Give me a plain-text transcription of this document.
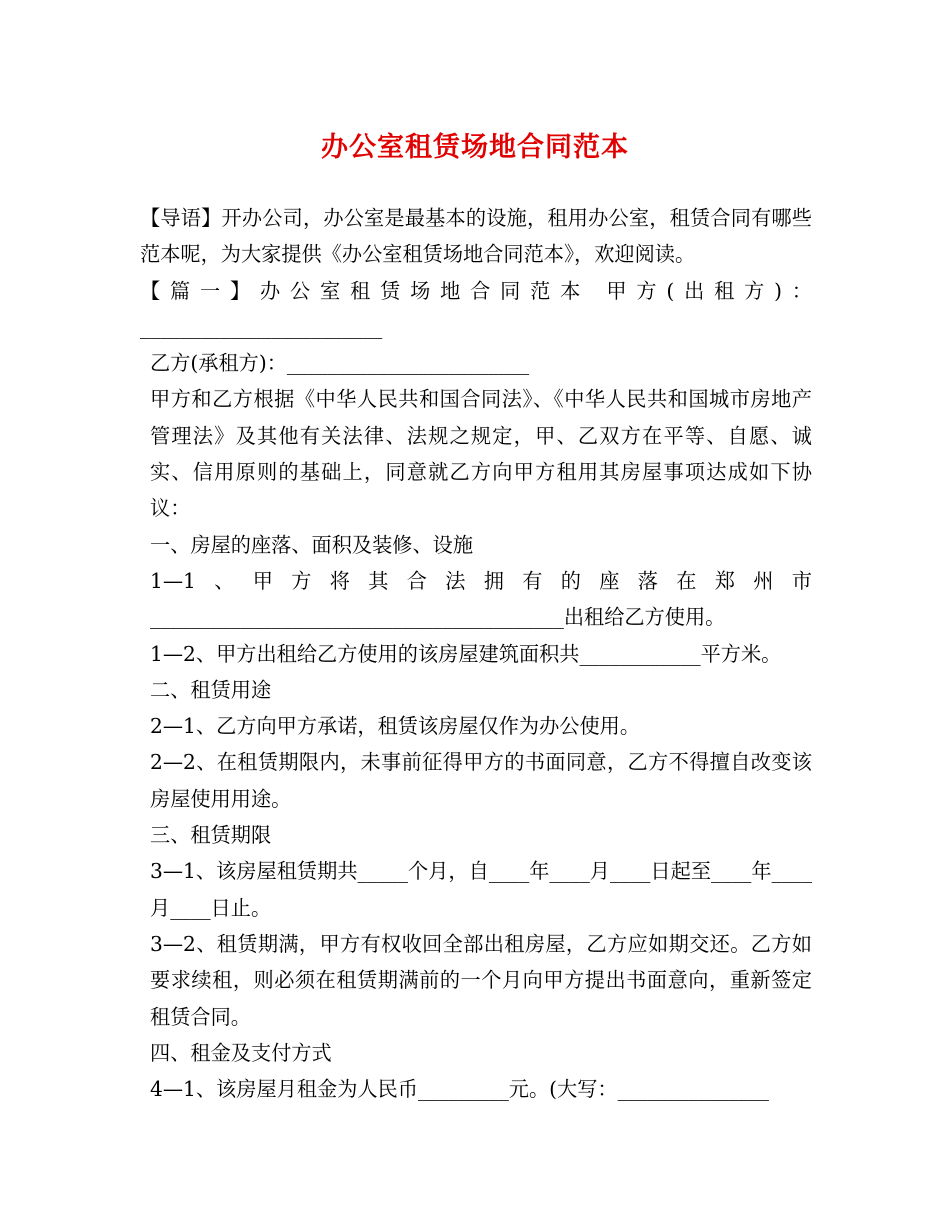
办公室租赁场地合同范本

【导语】开办公司，办公室是最基本的设施，租用办公室，租赁合同有哪些范本呢，为大家提供《办公室租赁场地合同范本》，欢迎阅读。

【篇一】办公室租赁场地合同范本 甲方(出租方)：________________________

乙方(承租方)：________________________

甲方和乙方根据《中华人民共和国合同法》、《中华人民共和国城市房地产管理法》及其他有关法律、法规之规定，甲、乙双方在平等、自愿、诚实、信用原则的基础上，同意就乙方向甲方租用其房屋事项达成如下协议：

一、房屋的座落、面积及装修、设施

1—1、甲方将其合法拥有的座落在郑州市_________________________________________出租给乙方使用。

1—2、甲方出租给乙方使用的该房屋建筑面积共____________平方米。

二、租赁用途

2—1、乙方向甲方承诺，租赁该房屋仅作为办公使用。

2—2、在租赁期限内，未事前征得甲方的书面同意，乙方不得擅自改变该房屋使用用途。

三、租赁期限

3—1、该房屋租赁期共_____个月，自____年____月____日起至____年____月____日止。

3—2、租赁期满，甲方有权收回全部出租房屋，乙方应如期交还。乙方如要求续租，则必须在租赁期满前的一个月向甲方提出书面意向，重新签定租赁合同。

四、租金及支付方式

4—1、该房屋月租金为人民币_________元。(大写：_______________
